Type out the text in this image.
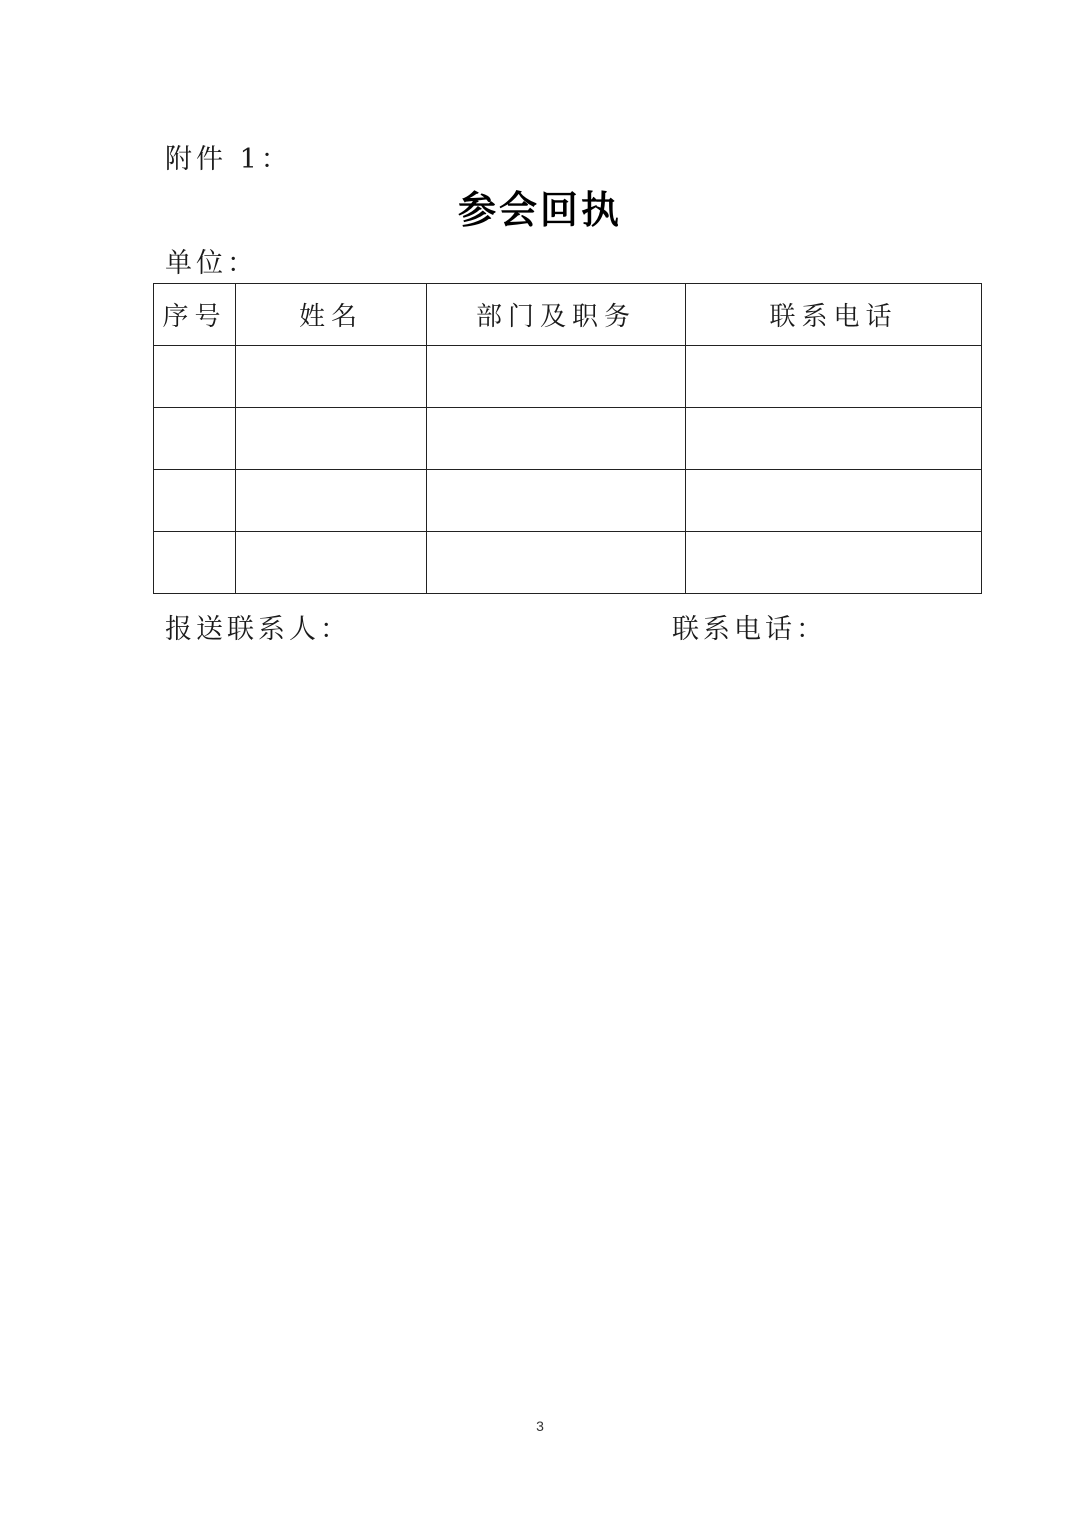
附件 1：
参会回执
单位：
序号	姓名	部门及职务	联系电话

报送联系人：	联系电话：
3
